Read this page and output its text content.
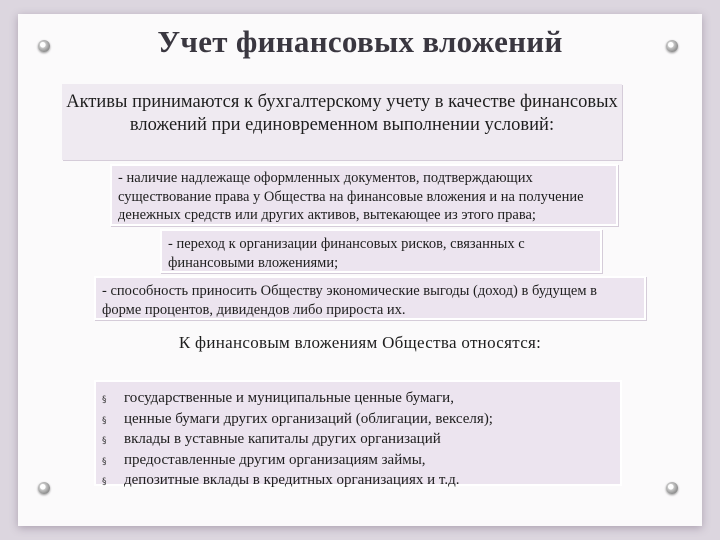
Учет финансовых вложений
Активы принимаются к бухгалтерскому учету в качестве финансовых вложений при единовременном выполнении условий:
- наличие надлежаще оформленных документов, подтверждающих существование права у Общества на финансовые вложения и на получение денежных средств или других активов, вытекающее из этого права;
- переход к организации финансовых рисков, связанных с финансовыми вложениями;
- способность приносить Обществу экономические выгоды (доход) в будущем в форме процентов, дивидендов либо прироста их.
К финансовым вложениям Общества относятся:
§	государственные и муниципальные ценные бумаги,
§	ценные бумаги других организаций (облигации, векселя);
§	вклады в уставные капиталы других организаций
§	предоставленные другим организациям займы,
§	депозитные вклады в кредитных организациях и т.д.
